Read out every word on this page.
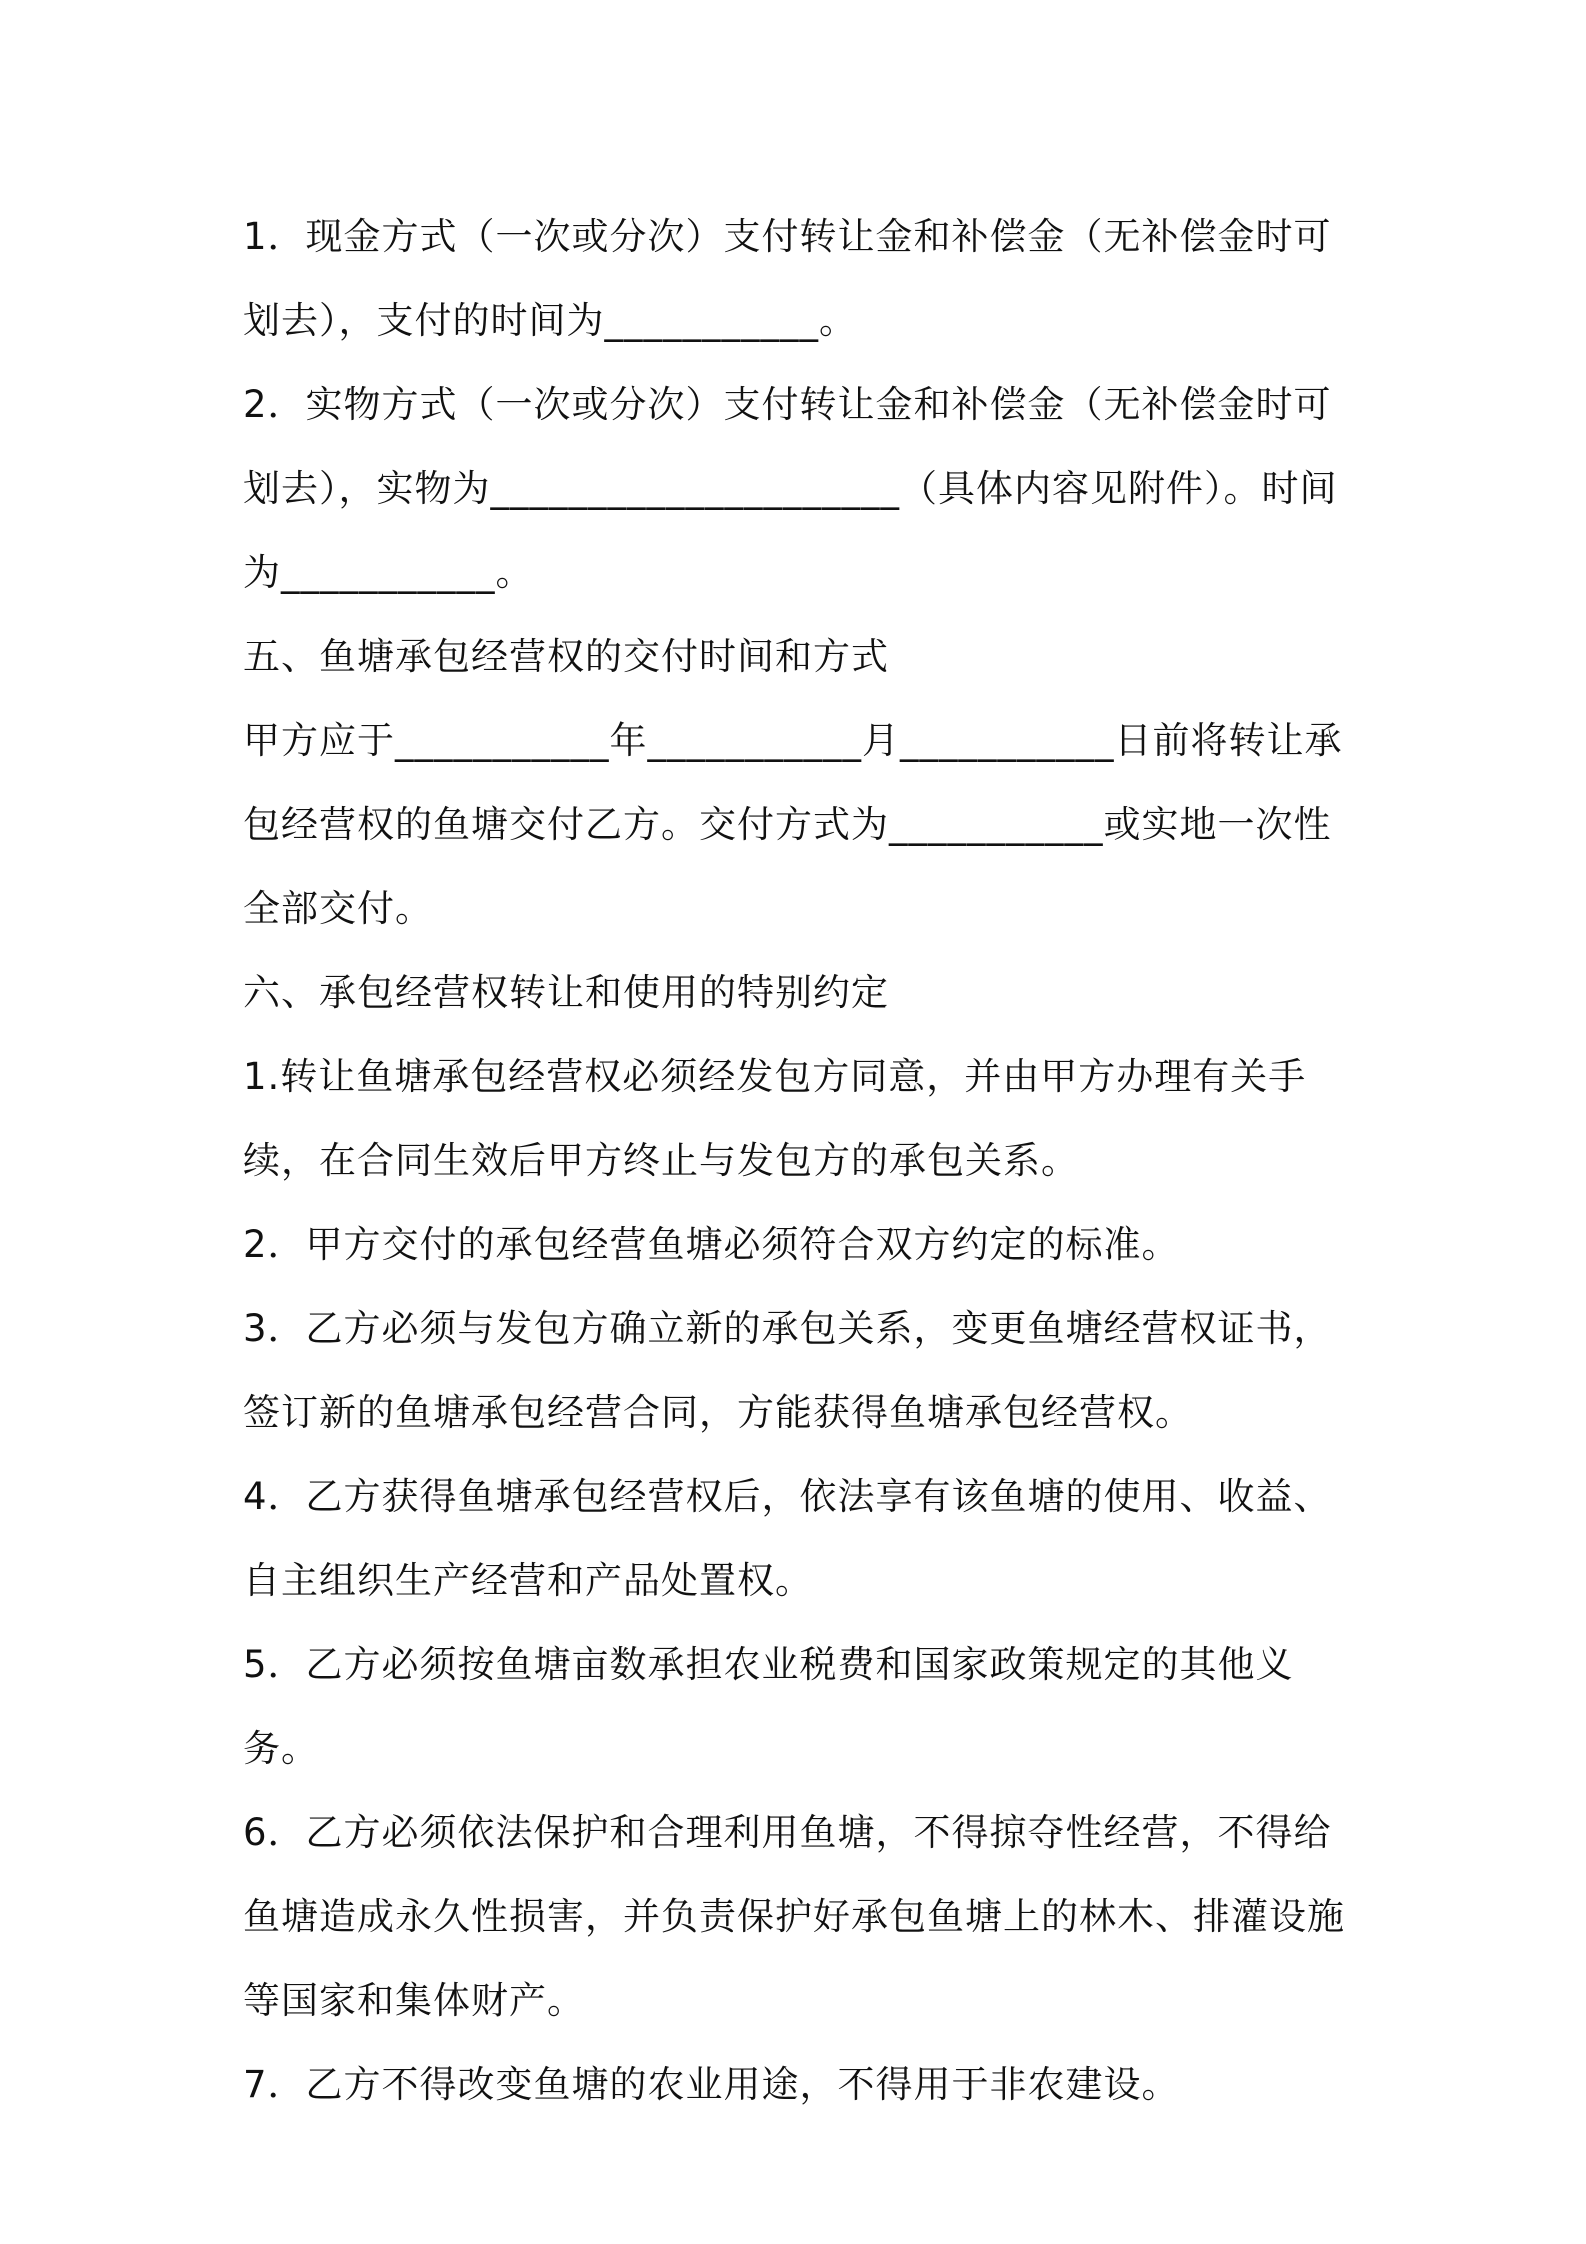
1．现金方式（一次或分次）支付转让金和补偿金（无补偿金时可划去），支付的时间为___________。

2．实物方式（一次或分次）支付转让金和补偿金（无补偿金时可划去），实物为_____________________（具体内容见附件）。时间为___________。

五、鱼塘承包经营权的交付时间和方式

甲方应于___________年___________月___________日前将转让承包经营权的鱼塘交付乙方。交付方式为___________或实地一次性全部交付。

六、承包经营权转让和使用的特别约定

1.转让鱼塘承包经营权必须经发包方同意，并由甲方办理有关手续，在合同生效后甲方终止与发包方的承包关系。

2．甲方交付的承包经营鱼塘必须符合双方约定的标准。

3．乙方必须与发包方确立新的承包关系，变更鱼塘经营权证书，签订新的鱼塘承包经营合同，方能获得鱼塘承包经营权。

4．乙方获得鱼塘承包经营权后，依法享有该鱼塘的使用、收益、自主组织生产经营和产品处置权。

5．乙方必须按鱼塘亩数承担农业税费和国家政策规定的其他义务。

6．乙方必须依法保护和合理利用鱼塘，不得掠夺性经营，不得给鱼塘造成永久性损害，并负责保护好承包鱼塘上的林木、排灌设施等国家和集体财产。

7．乙方不得改变鱼塘的农业用途，不得用于非农建设。
